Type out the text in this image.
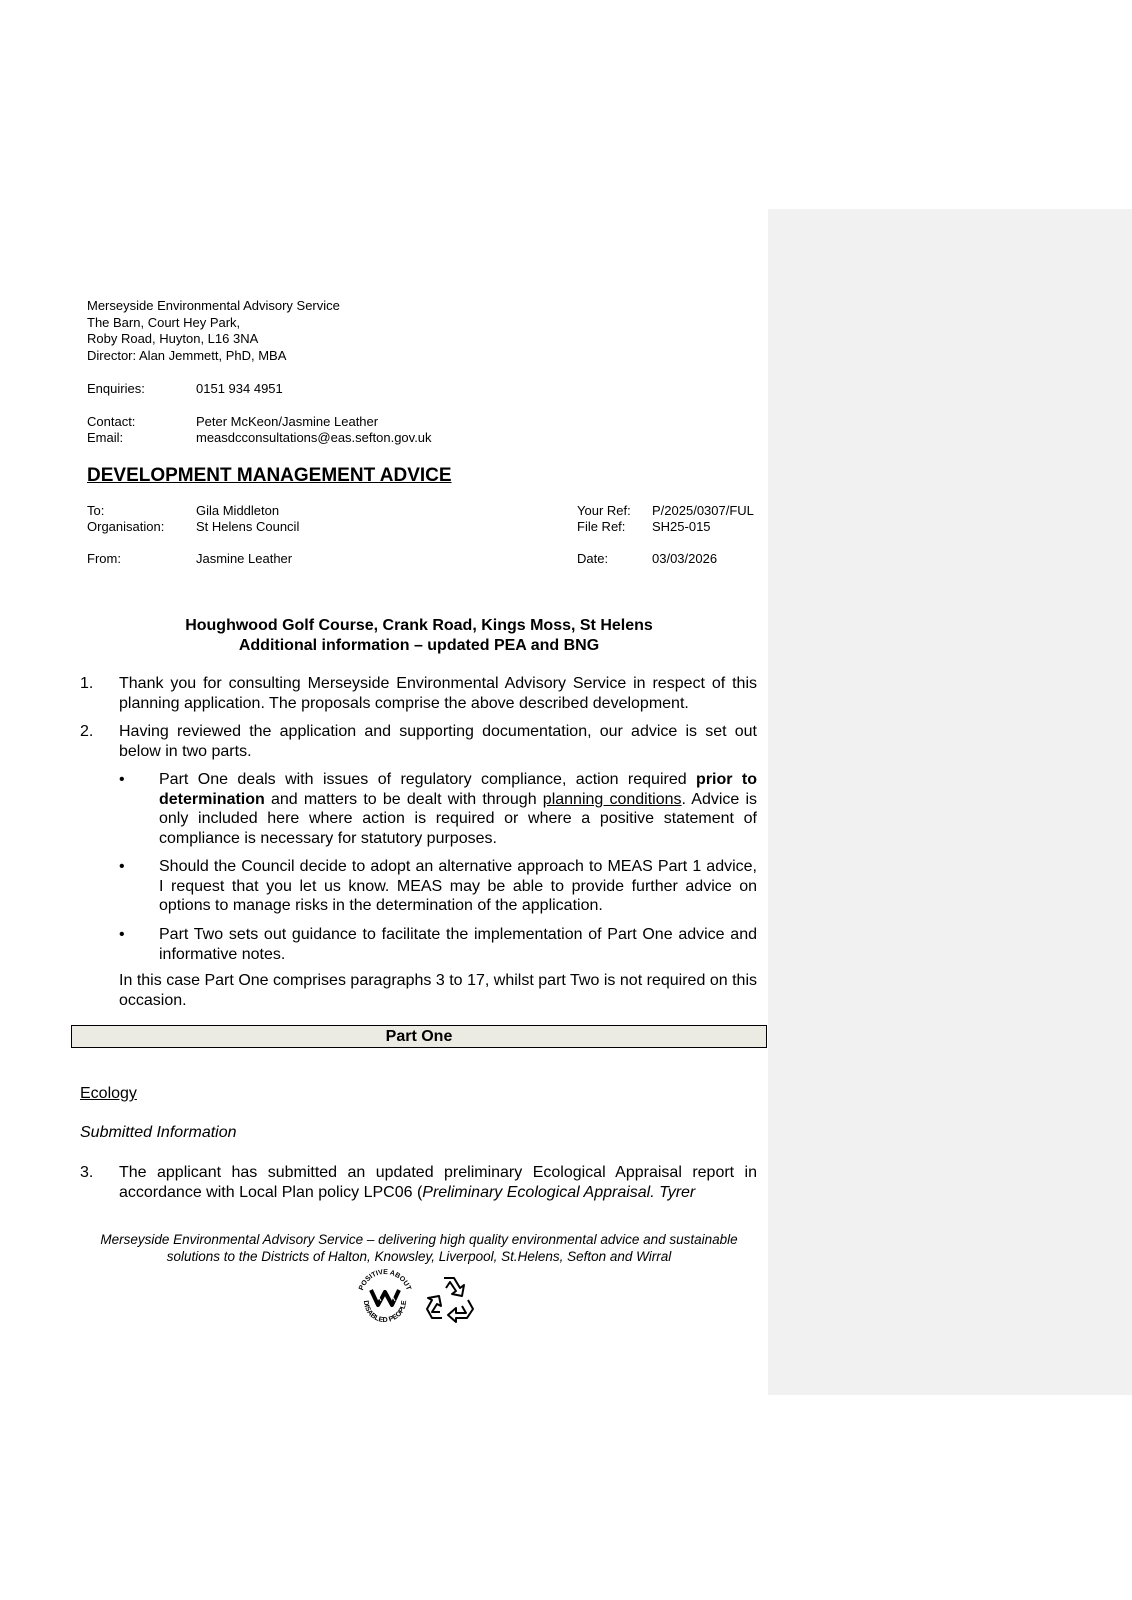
Merseyside Environmental Advisory Service
The Barn, Court Hey Park,
Roby Road, Huyton, L16 3NA
Director: Alan Jemmett, PhD, MBA
Enquiries:	0151 934 4951
Contact:	Peter McKeon/Jasmine Leather
Email:	measdcconsultations@eas.sefton.gov.uk
DEVELOPMENT MANAGEMENT ADVICE
To:	Gila Middleton
Organisation: St Helens Council
From:	Jasmine Leather
Your Ref: P/2025/0307/FUL
File Ref: SH25-015
Date:	03/03/2026
Houghwood Golf Course, Crank Road, Kings Moss, St Helens
Additional information – updated PEA and BNG
1. Thank you for consulting Merseyside Environmental Advisory Service in respect of this planning application. The proposals comprise the above described development.
2. Having reviewed the application and supporting documentation, our advice is set out below in two parts.
• Part One deals with issues of regulatory compliance, action required prior to determination and matters to be dealt with through planning conditions. Advice is only included here where action is required or where a positive statement of compliance is necessary for statutory purposes.
• Should the Council decide to adopt an alternative approach to MEAS Part 1 advice, I request that you let us know. MEAS may be able to provide further advice on options to manage risks in the determination of the application.
• Part Two sets out guidance to facilitate the implementation of Part One advice and informative notes.
In this case Part One comprises paragraphs 3 to 17, whilst part Two is not required on this occasion.
Part One
Ecology
Submitted Information
3. The applicant has submitted an updated preliminary Ecological Appraisal report in accordance with Local Plan policy LPC06 (Preliminary Ecological Appraisal. Tyrer
Merseyside Environmental Advisory Service – delivering high quality environmental advice and sustainable
solutions to the Districts of Halton, Knowsley, Liverpool, St.Helens, Sefton and Wirral
POSITIVE ABOUT
DISABLED PEOPLE
